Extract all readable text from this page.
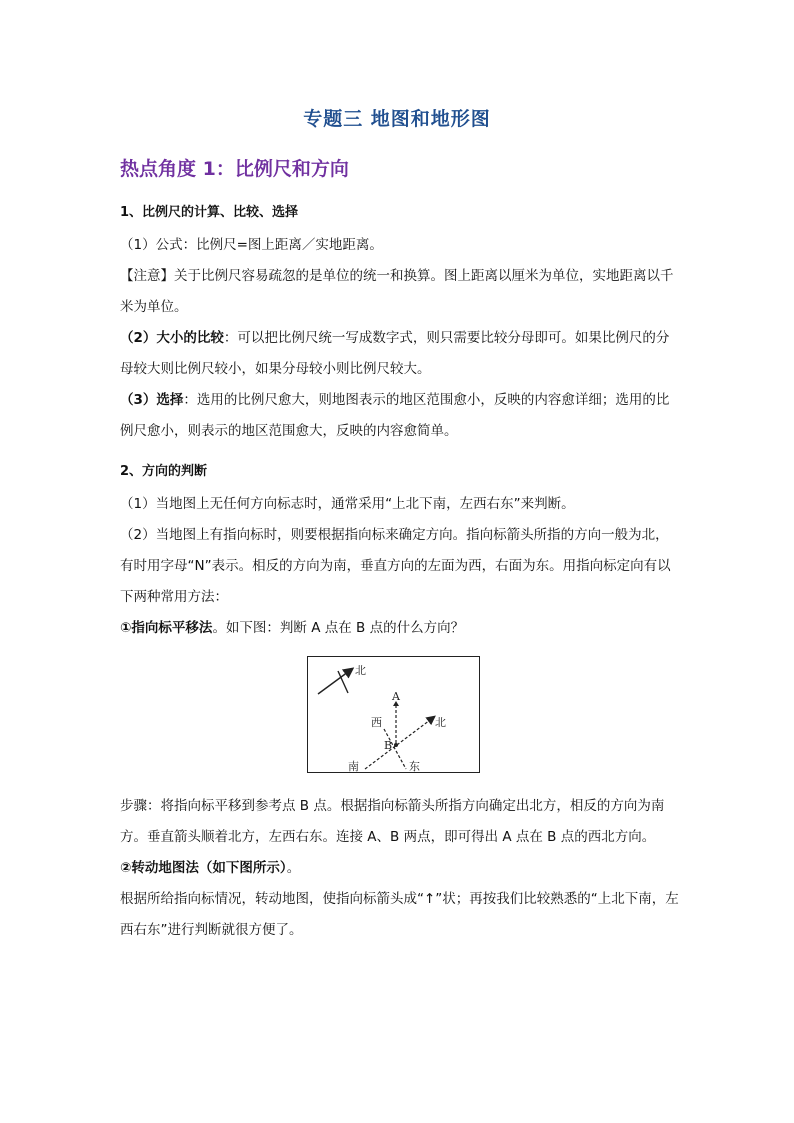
专题三 地图和地形图
热点角度 1：比例尺和方向
1、比例尺的计算、比较、选择

（1）公式：比例尺=图上距离／实地距离。

【注意】关于比例尺容易疏忽的是单位的统一和换算。图上距离以厘米为单位，实地距离以千米为单位。

（2）大小的比较：可以把比例尺统一写成数字式，则只需要比较分母即可。如果比例尺的分母较大则比例尺较小，如果分母较小则比例尺较大。

（3）选择：选用的比例尺愈大，则地图表示的地区范围愈小，反映的内容愈详细；选用的比例尺愈小，则表示的地区范围愈大，反映的内容愈简单。

2、方向的判断

（1）当地图上无任何方向标志时，通常采用“上北下南，左西右东”来判断。

（2）当地图上有指向标时，则要根据指向标来确定方向。指向标箭头所指的方向一般为北，有时用字母“N”表示。相反的方向为南，垂直方向的左面为西，右面为东。用指向标定向有以下两种常用方法：

①指向标平移法。如下图：判断 A 点在 B 点的什么方向？

北
北
西
东
南
A
B

步骤：将指向标平移到参考点 B 点。根据指向标箭头所指方向确定出北方，相反的方向为南方。垂直箭头顺着北方，左西右东。连接 A、B 两点，即可得出 A 点在 B 点的西北方向。

②转动地图法（如下图所示）。

根据所给指向标情况，转动地图，使指向标箭头成“↑”状；再按我们比较熟悉的“上北下南，左西右东”进行判断就很方便了。
